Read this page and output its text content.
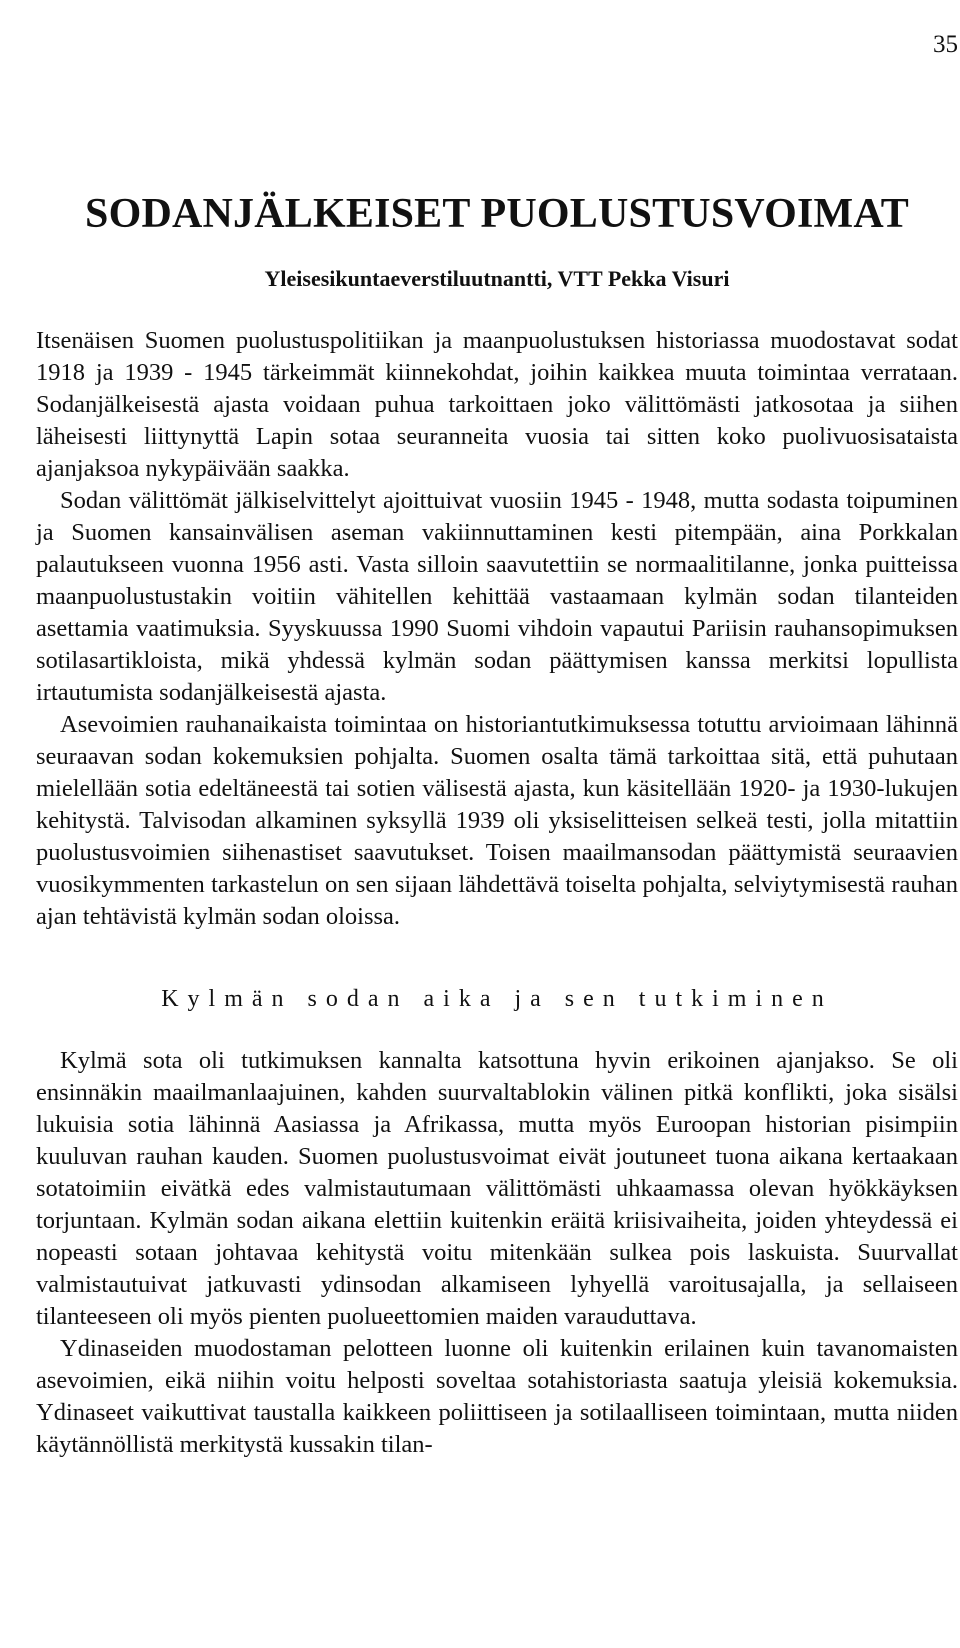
35
SODANJÄLKEISET PUOLUSTUSVOIMAT
Yleisesikuntaeverstiluutnantti, VTT Pekka Visuri

Itsenäisen Suomen puolustuspolitiikan ja maanpuolustuksen historiassa muodostavat sodat 1918 ja 1939 - 1945 tärkeimmät kiinnekohdat, joihin kaikkea muuta toimintaa verrataan. Sodanjälkeisestä ajasta voidaan puhua tarkoittaen joko välittömästi jatkosotaa ja siihen läheisesti liittynyttä Lapin sotaa seuranneita vuosia tai sitten koko puolivuosisataista ajanjaksoa nykypäivään saakka.

Sodan välittömät jälkiselvittelyt ajoittuivat vuosiin 1945 - 1948, mutta sodasta toipuminen ja Suomen kansainvälisen aseman vakiinnuttaminen kesti pitempään, aina Porkkalan palautukseen vuonna 1956 asti. Vasta silloin saavutettiin se normaalitilanne, jonka puitteissa maanpuolustustakin voitiin vähitellen kehittää vastaamaan kylmän sodan tilanteiden asettamia vaatimuksia. Syyskuussa 1990 Suomi vihdoin vapautui Pariisin rauhansopimuksen sotilasartikloista, mikä yhdessä kylmän sodan päättymisen kanssa merkitsi lopullista irtautumista sodanjälkeisestä ajasta.

Asevoimien rauhanaikaista toimintaa on historiantutkimuksessa totuttu arvioimaan lähinnä seuraavan sodan kokemuksien pohjalta. Suomen osalta tämä tarkoittaa sitä, että puhutaan mielellään sotia edeltäneestä tai sotien välisestä ajasta, kun käsitellään 1920- ja 1930-lukujen kehitystä. Talvisodan alkaminen syksyllä 1939 oli yksiselitteisen selkeä testi, jolla mitattiin puolustusvoimien siihenastiset saavutukset. Toisen maailmansodan päättymistä seuraavien vuosikymmenten tarkastelun on sen sijaan lähdettävä toiselta pohjalta, selviytymisestä rauhan ajan tehtävistä kylmän sodan oloissa.

Kylmän sodan aika ja sen tutkiminen

Kylmä sota oli tutkimuksen kannalta katsottuna hyvin erikoinen ajanjakso. Se oli ensinnäkin maailmanlaajuinen, kahden suurvaltablokin välinen pitkä konflikti, joka sisälsi lukuisia sotia lähinnä Aasiassa ja Afrikassa, mutta myös Euroopan historian pisimpiin kuuluvan rauhan kauden. Suomen puolustusvoimat eivät joutuneet tuona aikana kertaakaan sotatoimiin eivätkä edes valmistautumaan välittömästi uhkaamassa olevan hyökkäyksen torjuntaan. Kylmän sodan aikana elettiin kuitenkin eräitä kriisivaiheita, joiden yhteydessä ei nopeasti sotaan johtavaa kehitystä voitu mitenkään sulkea pois laskuista. Suurvallat valmistautuivat jatkuvasti ydinsodan alkamiseen lyhyellä varoitusajalla, ja sellaiseen tilanteeseen oli myös pienten puolueettomien maiden varauduttava.

Ydinaseiden muodostaman pelotteen luonne oli kuitenkin erilainen kuin tavanomaisten asevoimien, eikä niihin voitu helposti soveltaa sotahistoriasta saatuja yleisiä kokemuksia. Ydinaseet vaikuttivat taustalla kaikkeen poliittiseen ja sotilaalliseen toimintaan, mutta niiden käytännöllistä merkitystä kussakin tilan-
